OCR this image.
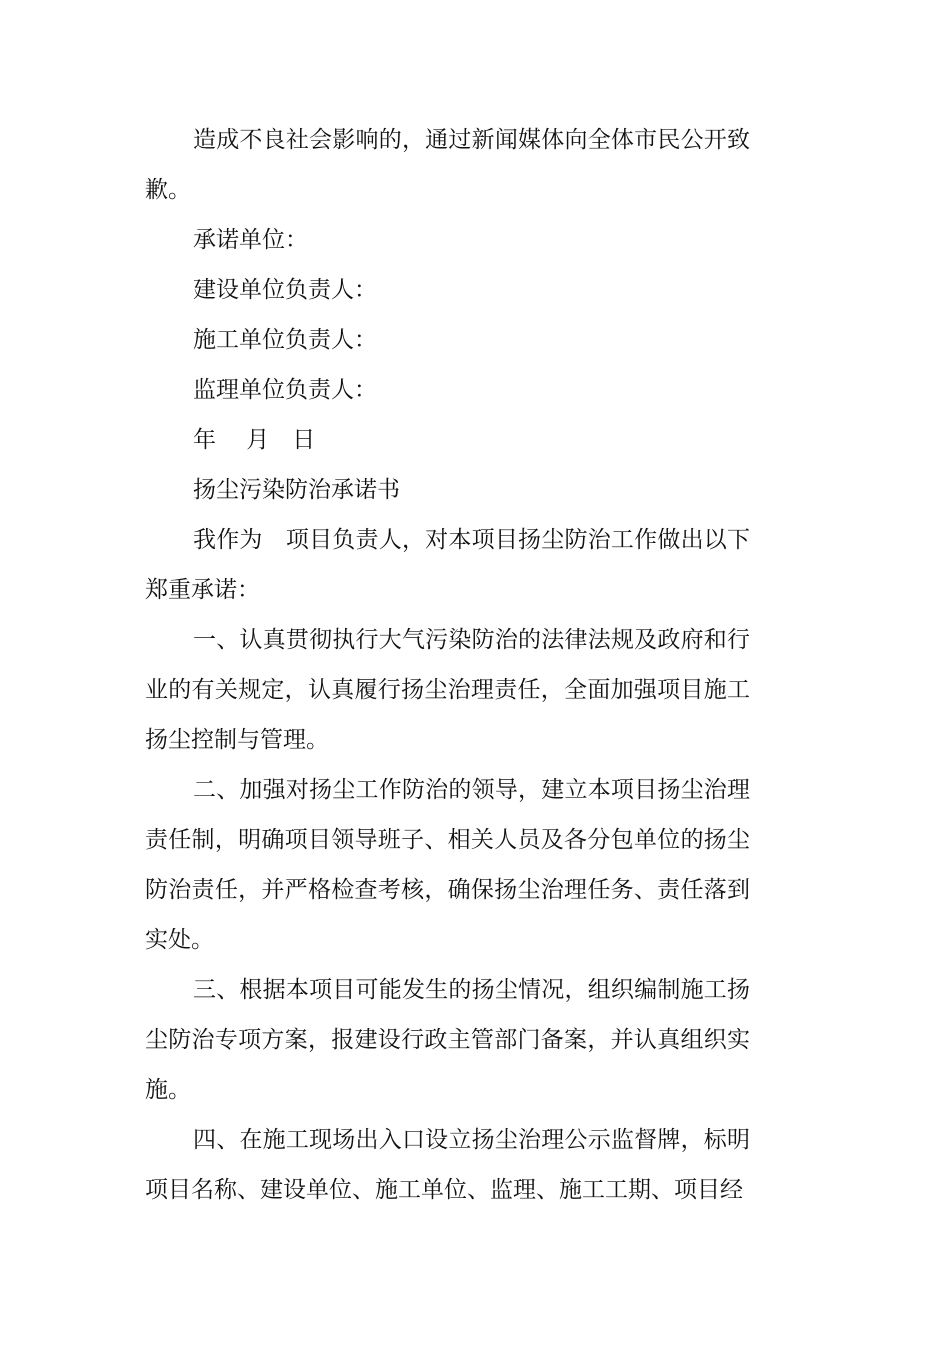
造成不良社会影响的，通过新闻媒体向全体市民公开致歉。

承诺单位：

建设单位负责人：

施工单位负责人：

监理单位负责人：

年　 月　日

扬尘污染防治承诺书

我作为　项目负责人，对本项目扬尘防治工作做出以下郑重承诺：

一、认真贯彻执行大气污染防治的法律法规及政府和行业的有关规定，认真履行扬尘治理责任，全面加强项目施工扬尘控制与管理。

二、加强对扬尘工作防治的领导，建立本项目扬尘治理责任制，明确项目领导班子、相关人员及各分包单位的扬尘防治责任，并严格检查考核，确保扬尘治理任务、责任落到实处。

三、根据本项目可能发生的扬尘情况，组织编制施工扬尘防治专项方案，报建设行政主管部门备案，并认真组织实施。

四、在施工现场出入口设立扬尘治理公示监督牌，标明项目名称、建设单位、施工单位、监理、施工工期、项目经
